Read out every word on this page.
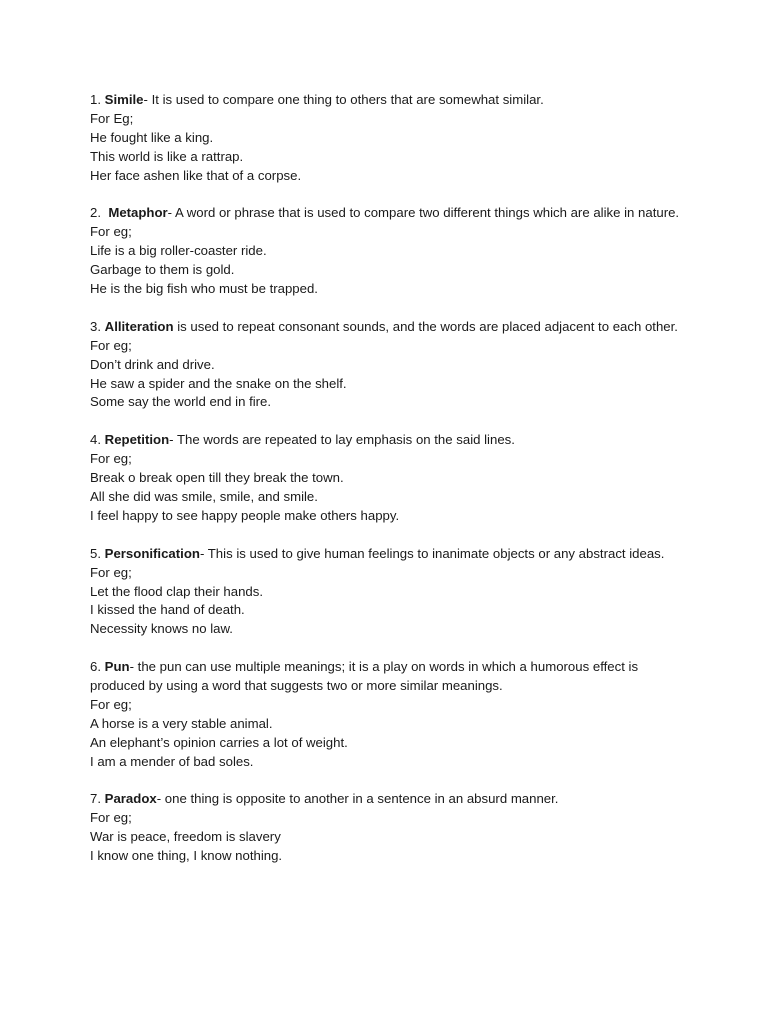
1. Simile- It is used to compare one thing to others that are somewhat similar.
For Eg;
He fought like a king.
This world is like a rattrap.
Her face ashen like that of a corpse.
2.  Metaphor- A word or phrase that is used to compare two different things which are alike in nature.
For eg;
Life is a big roller-coaster ride.
Garbage to them is gold.
He is the big fish who must be trapped.
3. Alliteration is used to repeat consonant sounds, and the words are placed adjacent to each other.
For eg;
Don’t drink and drive.
He saw a spider and the snake on the shelf.
Some say the world end in fire.
4. Repetition- The words are repeated to lay emphasis on the said lines.
For eg;
Break o break open till they break the town.
All she did was smile, smile, and smile.
I feel happy to see happy people make others happy.
5. Personification- This is used to give human feelings to inanimate objects or any abstract ideas.
For eg;
Let the flood clap their hands.
I kissed the hand of death.
Necessity knows no law.
6. Pun- the pun can use multiple meanings; it is a play on words in which a humorous effect is produced by using a word that suggests two or more similar meanings.
For eg;
A horse is a very stable animal.
An elephant’s opinion carries a lot of weight.
I am a mender of bad soles.
7. Paradox- one thing is opposite to another in a sentence in an absurd manner.
For eg;
War is peace, freedom is slavery
I know one thing, I know nothing.
